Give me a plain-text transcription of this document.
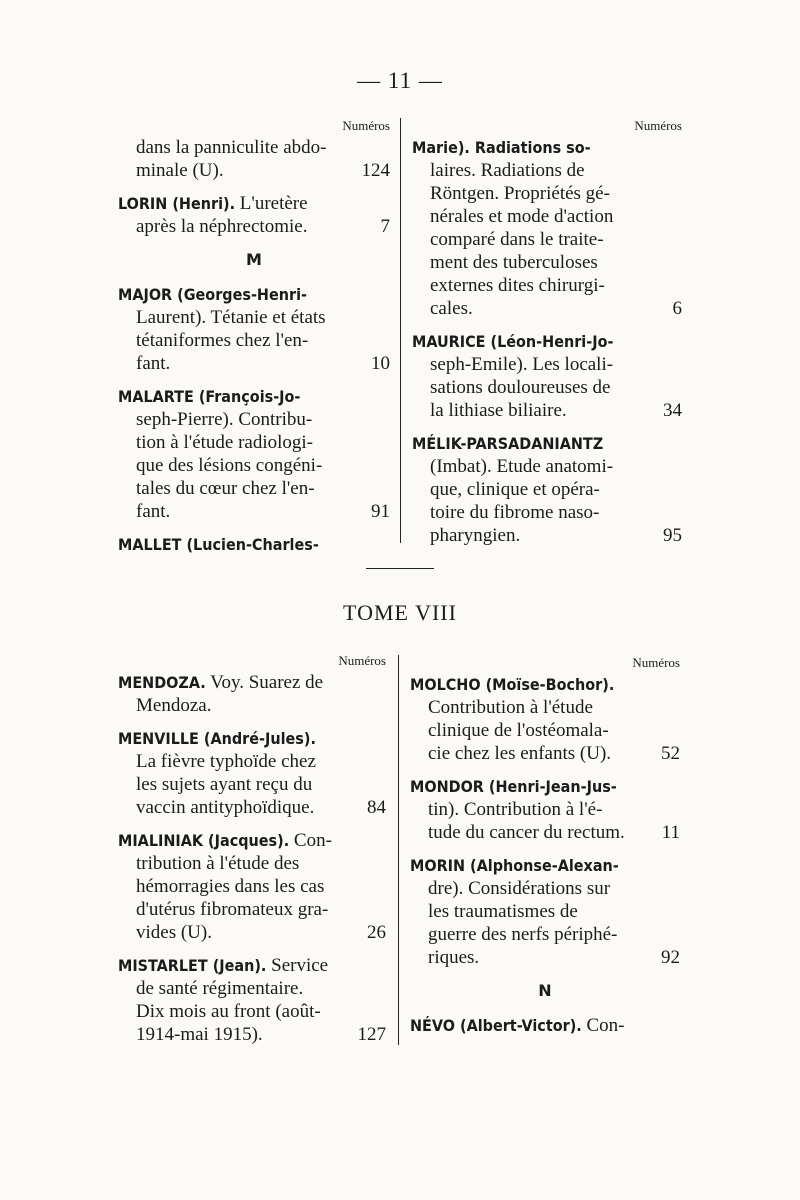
— 11 —
Numéros
dans la panniculite abdo-
minale (U).	124
LORIN (Henri). L'uretère
après la néphrectomie.	7
M
MAJOR (Georges-Henri-
Laurent). Tétanie et états
tétaniformes chez l'en-
fant.	10
MALARTE (François-Jo-
seph-Pierre). Contribu-
tion à l'étude radiologi-
que des lésions congéni-
tales du cœur chez l'en-
fant.	91
MALLET (Lucien-Charles-
Numéros
Marie). Radiations so-
laires. Radiations de
Röntgen. Propriétés gé-
nérales et mode d'action
comparé dans le traite-
ment des tuberculoses
externes dites chirurgi-
cales.	6
MAURICE (Léon-Henri-Jo-
seph-Emile). Les locali-
sations douloureuses de
la lithiase biliaire.	34
MÉLIK-PARSADANIANTZ
(Imbat). Etude anatomi-
que, clinique et opéra-
toire du fibrome naso-
pharyngien.	95
TOME VIII
Numéros
MENDOZA. Voy. Suarez de
Mendoza.
MENVILLE (André-Jules).
La fièvre typhoïde chez
les sujets ayant reçu du
vaccin antityphoïdique.	84
MIALINIAK (Jacques). Con-
tribution à l'étude des
hémorragies dans les cas
d'utérus fibromateux gra-
vides (U).	26
MISTARLET (Jean). Service
de santé régimentaire.
Dix mois au front (août-
1914-mai 1915).	127
Numéros
MOLCHO (Moïse-Bochor).
Contribution à l'étude
clinique de l'ostéomala-
cie chez les enfants (U).	52
MONDOR (Henri-Jean-Jus-
tin). Contribution à l'é-
tude du cancer du rectum. 11
MORIN (Alphonse-Alexan-
dre). Considérations sur
les traumatismes de
guerre des nerfs périphé-
riques.	92
N
NÉVO (Albert-Victor). Con-
